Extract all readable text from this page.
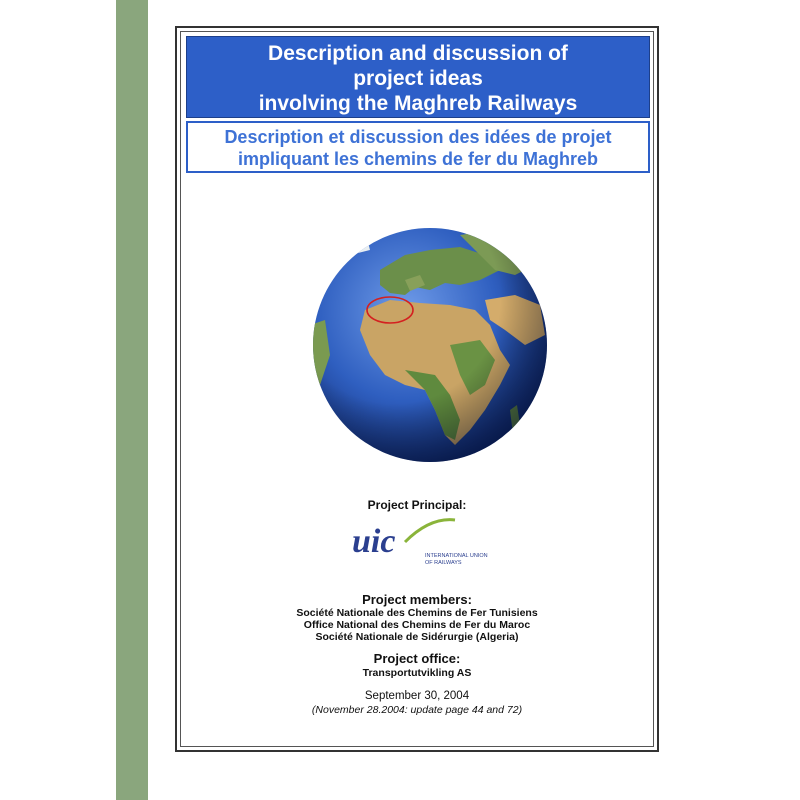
Description and discussion of
project ideas
involving the Maghreb Railways
Description et discussion des idées de projet
impliquant les chemins de fer du Maghreb
Project Principal:
uic	INTERNATIONAL UNION
OF RAILWAYS
Project members:
Société Nationale des Chemins de Fer Tunisiens
Office National des Chemins de Fer du Maroc
Société Nationale de Sidérurgie (Algeria)
Project office:
Transportutvikling AS
September 30, 2004
(November 28.2004: update page 44 and 72)
